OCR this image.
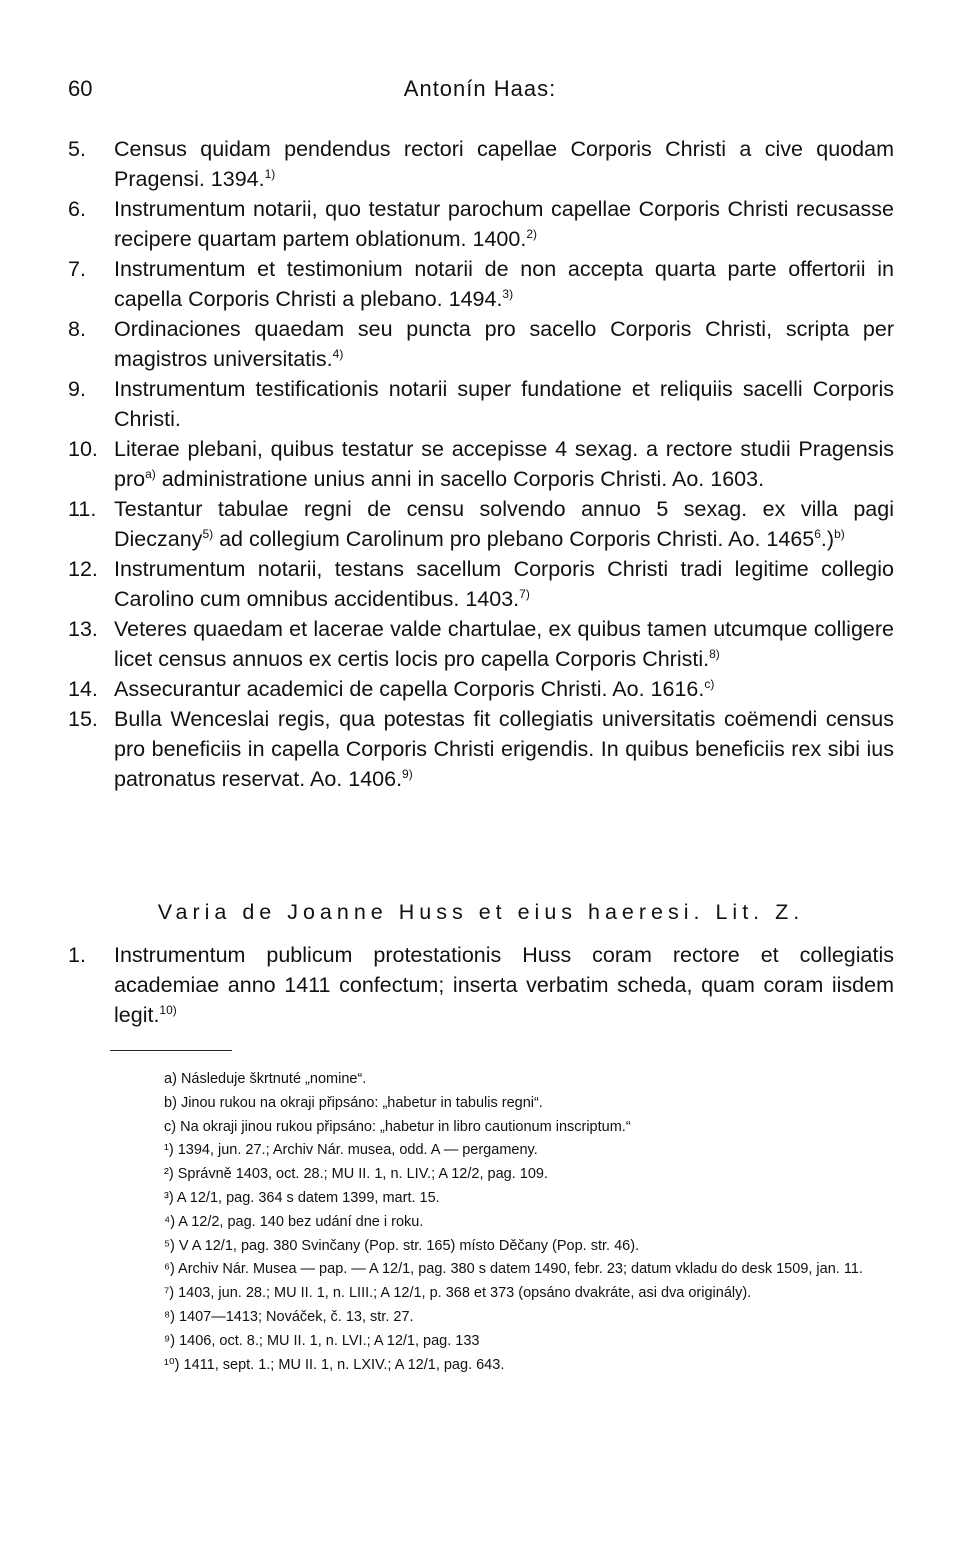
60	Antonín Haas:
5.	Census quidam pendendus rectori capellae Corporis Christi a cive quodam Pragensi. 1394.$^{1)}$
6.	Instrumentum notarii, quo testatur parochum capellae Corporis Christi recusasse recipere quartam partem oblationum. 1400.$^{2)}$
7.	Instrumentum et testimonium notarii de non accepta quarta parte offertorii in capella Corporis Christi a plebano. 1494.$^{3)}$
8.	Ordinaciones quaedam seu puncta pro sacello Corporis Christi, scripta per magistros universitatis.$^{4)}$
9.	Instrumentum testificationis notarii super fundatione et reliquiis sacelli Corporis Christi.
10. Literae plebani, quibus testatur se accepisse 4 sexag. a rectore studii Pragensis pro$^{a)}$ administratione unius anni in sacello Corporis Christi. Ao. 1603.
11. Testantur tabulae regni de censu solvendo annuo 5 sexag. ex villa pagi Dieczany$^{5)}$ ad collegium Carolinum pro plebano Corporis Christi. Ao. 1465$^6$.)$^{b)}$
12. Instrumentum notarii, testans sacellum Corporis Christi tradi legitime collegio Carolino cum omnibus accidentibus. 1403.$^{7)}$
13. Veteres quaedam et lacerae valde chartulae, ex quibus tamen utcumque colligere licet census annuos ex certis locis pro capella Corporis Christi.$^{8)}$
14. Assecurantur academici de capella Corporis Christi. Ao. 1616.$^{c)}$
15. Bulla Wenceslai regis, qua potestas fit collegiatis universitatis coëmendi census pro beneficiis in capella Corporis Christi erigendis. In quibus beneficiis rex sibi ius patronatus reservat. Ao. 1406.$^{9)}$
Varia de Joanne Huss et eius haeresi. Lit. Z.
1.	Instrumentum publicum protestationis Huss coram rectore et collegiatis academiae anno 1411 confectum; inserta verbatim scheda, quam coram iisdem legit.$^{10)}$
a) Následuje škrtnuté „nomine“.
b) Jinou rukou na okraji připsáno: „habetur in tabulis regni“.
c) Na okraji jinou rukou připsáno: „habetur in libro cautionum inscriptum.“
¹) 1394, jun. 27.; Archiv Nár. musea, odd. A — pergameny.
²) Správně 1403, oct. 28.; MU II. 1, n. LIV.; A 12/2, pag. 109.
³) A 12/1, pag. 364 s datem 1399, mart. 15.
⁴) A 12/2, pag. 140 bez udání dne i roku.
⁵) V A 12/1, pag. 380 Svinčany (Pop. str. 165) místo Děčany (Pop. str. 46).
⁶) Archiv Nár. Musea — pap. — A 12/1, pag. 380 s datem 1490, febr. 23; datum vkladu do desk 1509, jan. 11.
⁷) 1403, jun. 28.; MU II. 1, n. LIII.; A 12/1, p. 368 et 373 (opsáno dvakráte, asi dva originály).
⁸) 1407—1413; Nováček, č. 13, str. 27.
⁹) 1406, oct. 8.; MU II. 1, n. LVI.; A 12/1, pag. 133
¹⁰) 1411, sept. 1.; MU II. 1, n. LXIV.; A 12/1, pag. 643.
